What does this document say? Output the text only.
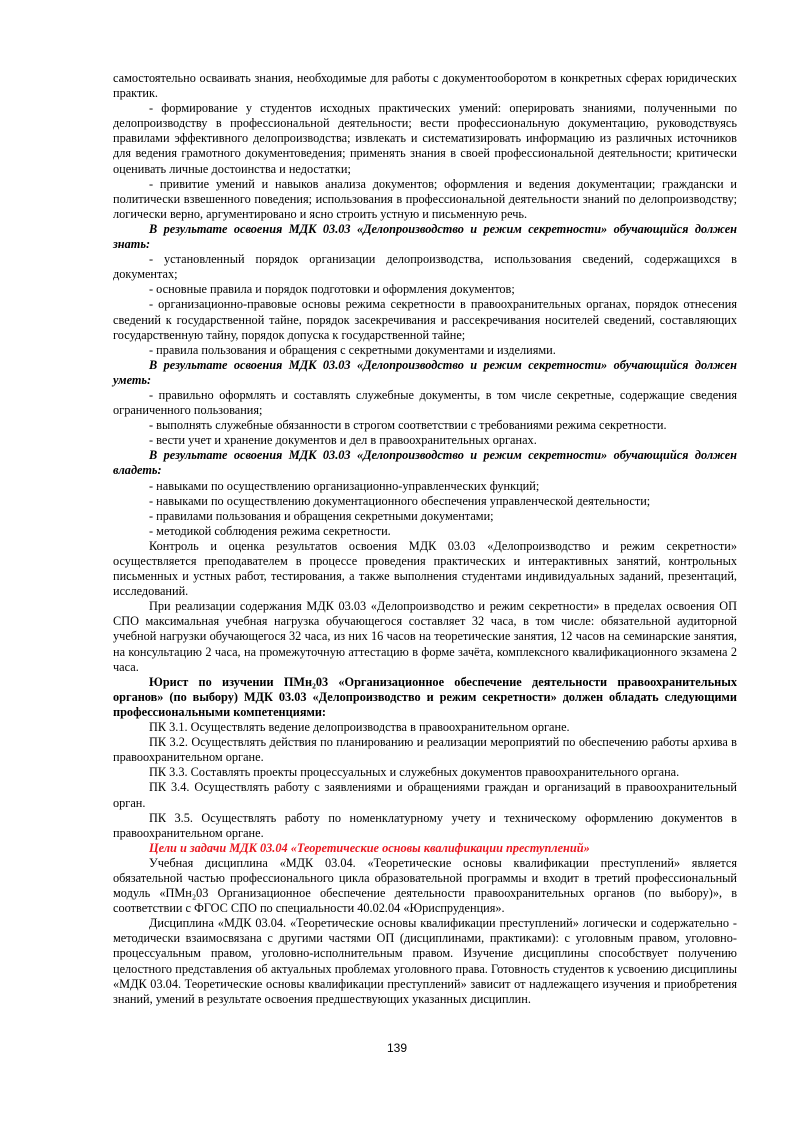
самостоятельно осваивать знания, необходимые для работы с документооборотом в конкретных сферах юридических практик.

- формирование у студентов исходных практических умений: оперировать знаниями, полученными по делопроизводству в профессиональной деятельности; вести профессиональную документацию, руководствуясь правилами эффективного делопроизводства; извлекать и систематизировать информацию из различных источников для ведения грамотного документоведения; применять знания в своей профессиональной деятельности; критически оценивать личные достоинства и недостатки;

- привитие умений и навыков анализа документов; оформления и ведения документации; граждански и политически взвешенного поведения; использования в профессиональной деятельности знаний по делопроизводству; логически верно, аргументировано и ясно строить устную и письменную речь.

В результате освоения МДК 03.03 «Делопроизводство и режим секретности» обучающийся должен знать:

- установленный порядок организации делопроизводства, использования сведений, содержащихся в документах;

- основные правила и порядок подготовки и оформления документов;

- организационно-правовые основы режима секретности в правоохранительных органах, порядок отнесения сведений к государственной тайне, порядок засекречивания и рассекречивания носителей сведений, составляющих государственную тайну, порядок допуска к государственной тайне;

- правила пользования и обращения с секретными документами и изделиями.

В результате освоения МДК 03.03 «Делопроизводство и режим секретности» обучающийся должен уметь:

- правильно оформлять и составлять служебные документы, в том числе секретные, содержащие сведения ограниченного пользования;

- выполнять служебные обязанности в строгом соответствии с требованиями режима секретности.

- вести учет и хранение документов и дел в правоохранительных органах.

В результате освоения МДК 03.03 «Делопроизводство и режим секретности» обучающийся должен владеть:

- навыками по осуществлению организационно-управленческих функций;

- навыками по осуществлению документационного обеспечения управленческой деятельности;

- правилами пользования и обращения секретными документами;

- методикой соблюдения режима секретности.

Контроль и оценка результатов освоения МДК 03.03 «Делопроизводство и режим секретности» осуществляется преподавателем в процессе проведения практических и интерактивных занятий, контрольных письменных и устных работ, тестирования, а также выполнения студентами индивидуальных заданий, презентаций, исследований.

При реализации содержания МДК 03.03 «Делопроизводство и режим секретности» в пределах освоения ОП СПО максимальная учебная нагрузка обучающегося составляет 32 часа, в том числе: обязательной аудиторной учебной нагрузки обучающегося 32 часа, из них 16 часов на теоретические занятия, 12 часов на семинарские занятия, на консультацию 2 часа, на промежуточную аттестацию в форме зачёта, комплексного квалификационного экзамена 2 часа.

Юрист по изучении ПМн₂03 «Организационное обеспечение деятельности правоохранительных органов» (по выбору) МДК 03.03 «Делопроизводство и режим секретности» должен обладать следующими профессиональными компетенциями:

ПК 3.1. Осуществлять ведение делопроизводства в правоохранительном органе.

ПК 3.2. Осуществлять действия по планированию и реализации мероприятий по обеспечению работы архива в правоохранительном органе.

ПК 3.3. Составлять проекты процессуальных и служебных документов правоохранительного органа.

ПК 3.4. Осуществлять работу с заявлениями и обращениями граждан и организаций в правоохранительный орган.

ПК 3.5. Осуществлять работу по номенклатурному учету и техническому оформлению документов в правоохранительном органе.

Цели и задачи МДК 03.04 «Теоретические основы квалификации преступлений»

Учебная дисциплина «МДК 03.04. «Теоретические основы квалификации преступлений» является обязательной частью профессионального цикла образовательной программы и входит в третий профессиональный модуль «ПМн₂03 Организационное обеспечение деятельности правоохранительных органов (по выбору)», в соответствии с ФГОС СПО по специальности 40.02.04 «Юриспруденция».

Дисциплина «МДК 03.04. «Теоретические основы квалификации преступлений» логически и содержательно - методически взаимосвязана с другими частями ОП (дисциплинами, практиками): с уголовным правом, уголовно-процессуальным правом, уголовно-исполнительным правом. Изучение дисциплины способствует получению целостного представления об актуальных проблемах уголовного права. Готовность студентов к усвоению дисциплины «МДК 03.04. Теоретические основы квалификации преступлений» зависит от надлежащего изучения и приобретения знаний, умений в результате освоения предшествующих указанных дисциплин.

139
